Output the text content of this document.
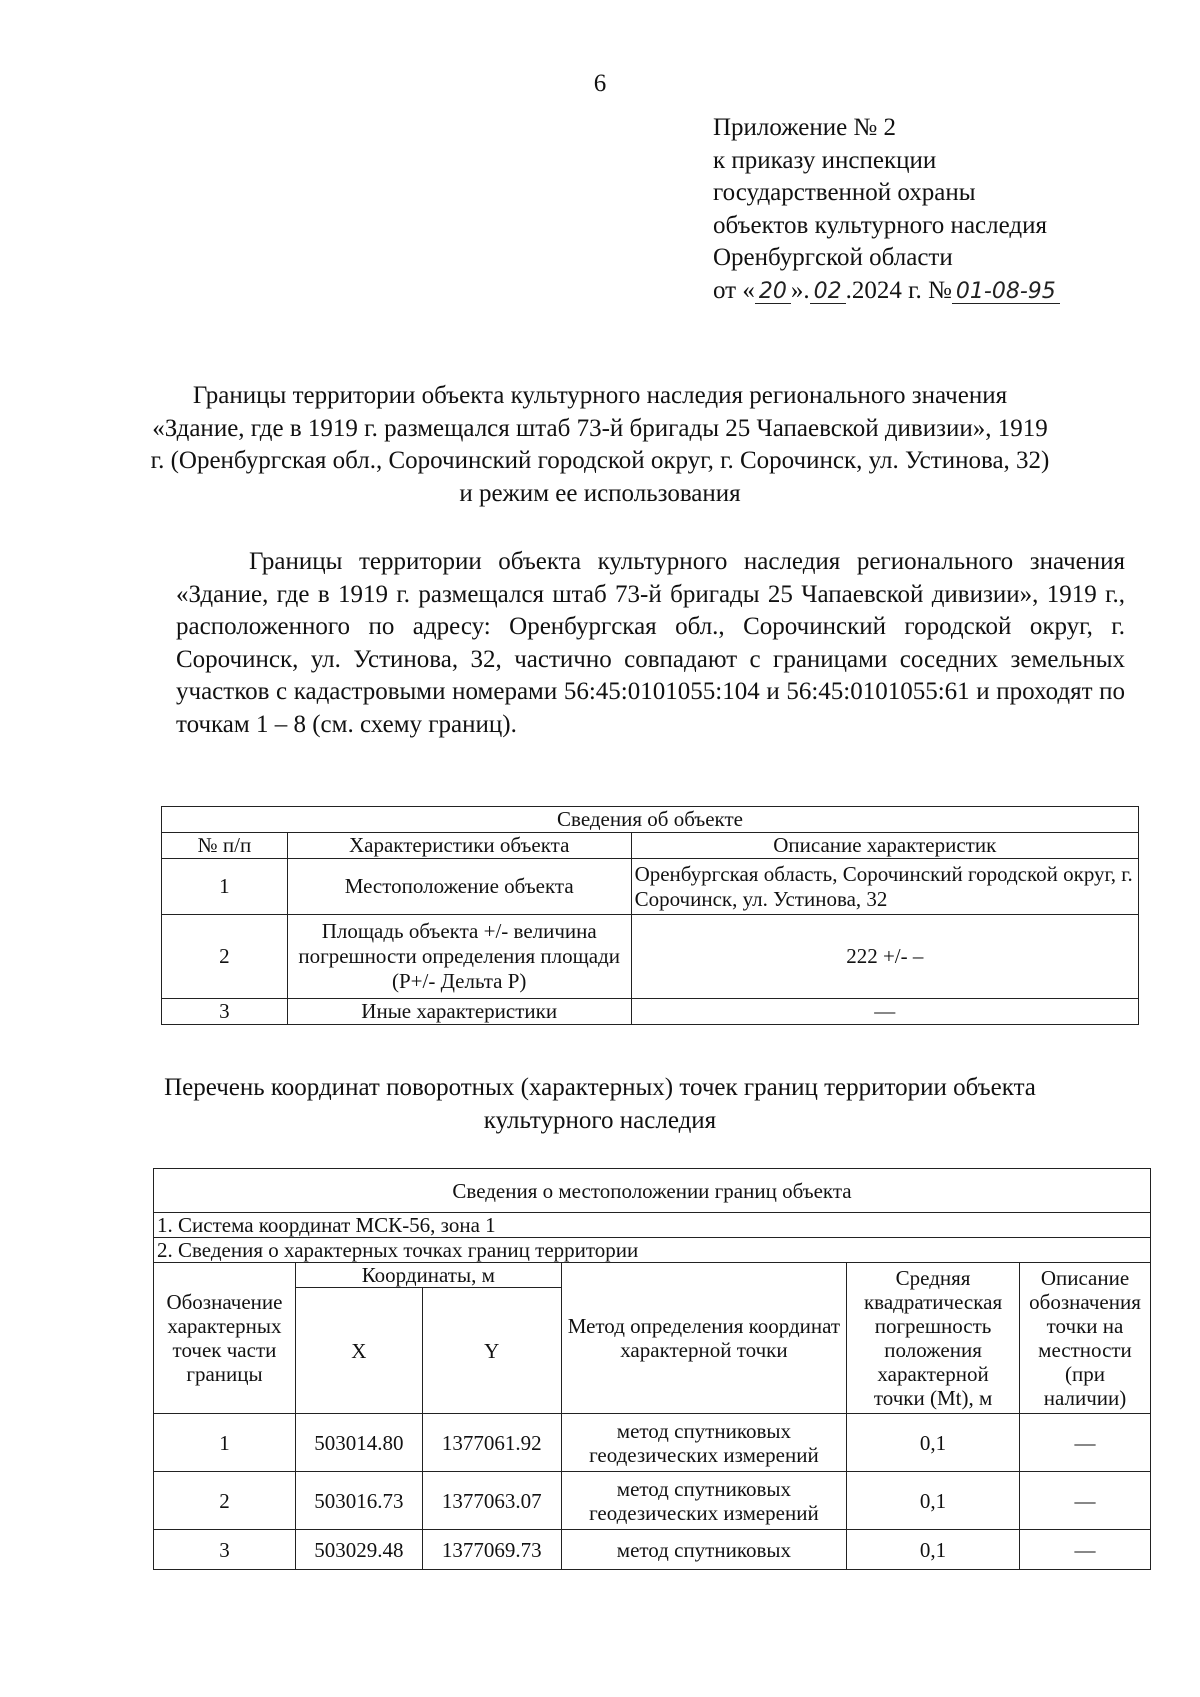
6
Приложение № 2
к приказу инспекции
государственной охраны
объектов культурного наследия
Оренбургской области
от « 20 ». 02 .2024 г. № 01-08-95
Границы территории объекта культурного наследия регионального значения «Здание, где в 1919 г. размещался штаб 73-й бригады 25 Чапаевской дивизии», 1919 г. (Оренбургская обл., Сорочинский городской округ, г. Сорочинск, ул. Устинова, 32) и режим ее использования
Границы территории объекта культурного наследия регионального значения «Здание, где в 1919 г. размещался штаб 73-й бригады 25 Чапаевской дивизии», 1919 г., расположенного по адресу: Оренбургская обл., Сорочинский городской округ, г. Сорочинск, ул. Устинова, 32, частично совпадают с границами соседних земельных участков с кадастровыми номерами 56:45:0101055:104 и 56:45:0101055:61 и проходят по точкам 1 – 8 (см. схему границ).
Сведения об объекте		
№ п/п	Характеристики объекта	Описание характеристик
1	Местоположение объекта	Оренбургская область, Сорочинский городской округ, г. Сорочинск, ул. Устинова, 32
2	Площадь объекта +/- величина погрешности определения площади (Р+/- Дельта Р)	222 +/- –
3	Иные характеристики	—
Перечень координат поворотных (характерных) точек границ территории объекта культурного наследия
Сведения о местоположении границ объекта					
1. Система координат МСК-56, зона 1					
2. Сведения о характерных точках границ территории					
Обозначение характерных точек части границы	Координаты, м		Метод определения координат характерной точки	Средняя квадратическая погрешность положения характерной точки (Mt), м	Описание обозначения точки на местности (при наличии)
	X	Y			
1	503014.80	1377061.92	метод спутниковых геодезических измерений	0,1	—
2	503016.73	1377063.07	метод спутниковых геодезических измерений	0,1	—
3	503029.48	1377069.73	метод спутниковых	0,1	—
